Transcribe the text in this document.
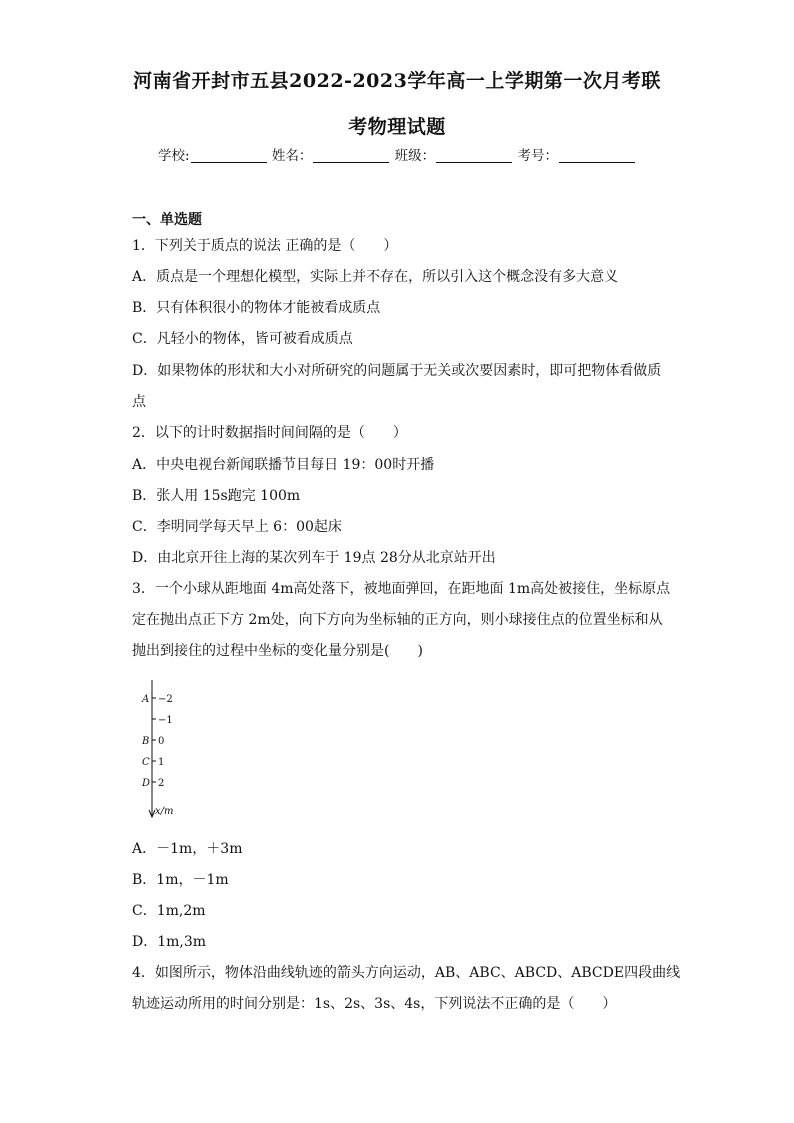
河南省开封市五县2022-2023学年高一上学期第一次月考联
考物理试题
学校:	姓名：	班级：	考号：
一、单选题
1．下列关于质点的说法 正确的是（　　）
A．质点是一个理想化模型，实际上并不存在，所以引入这个概念没有多大意义
B．只有体积很小的物体才能被看成质点
C．凡轻小的物体，皆可被看成质点
D．如果物体的形状和大小对所研究的问题属于无关或次要因素时，即可把物体看做质
点
2．以下的计时数据指时间间隔的是（　　）
A．中央电视台新闻联播节目每日 19：00时开播
B．张人用 15s跑完 100m
C．李明同学每天早上 6：00起床
D．由北京开往上海的某次列车于 19点 28分从北京站开出
3．一个小球从距地面 4m高处落下，被地面弹回，在距地面 1m高处被接住，坐标原点
定在抛出点正下方 2m处，向下方向为坐标轴的正方向，则小球接住点的位置坐标和从
抛出到接住的过程中坐标的变化量分别是(　　)
A −2
−1
B 0
C 1
D 2
x/m
A．－1m，＋3m
B．1m，－1m
C．1m,2m
D．1m,3m
4．如图所示，物体沿曲线轨迹的箭头方向运动，AB、ABC、ABCD、ABCDE四段曲线
轨迹运动所用的时间分别是：1s、2s、3s、4s，下列说法不正确的是（　　）
